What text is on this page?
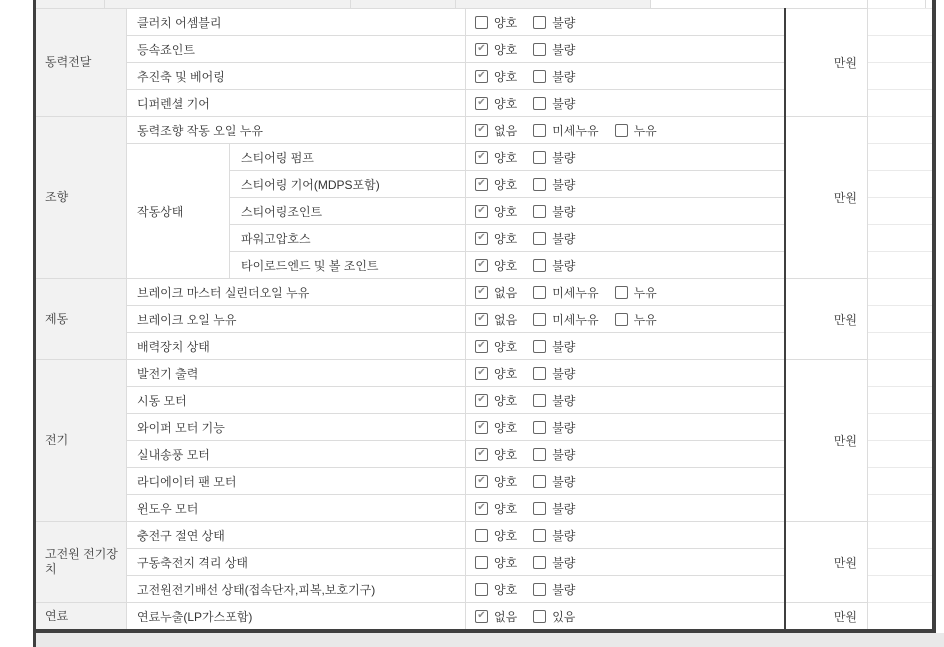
동력전달	만원
클러치 어셈블리	양호	불량
등속죠인트 ✔	양호	불량
추진축 및 베어링 ✔	양호	불량
디퍼렌셜 기어 ✔	양호	불량
조향	만원
작동상태
동력조향 작동 오일 누유 ✔	없음	미세누유	누유
스티어링 펌프 ✔	양호	불량
스티어링 기어(MDPS포함) ✔	양호	불량
스티어링조인트 ✔	양호	불량
파워고압호스 ✔	양호	불량
타이로드엔드 및 볼 조인트 ✔	양호	불량
제동	만원
브레이크 마스터 실린더오일 누유 ✔	없음	미세누유	누유
브레이크 오일 누유 ✔	없음	미세누유	누유
배력장치 상태 ✔	양호	불량
전기	만원
발전기 출력 ✔	양호	불량
시동 모터 ✔	양호	불량
와이퍼 모터 기능 ✔	양호	불량
실내송풍 모터 ✔	양호	불량
라디에이터 팬 모터 ✔	양호	불량
윈도우 모터 ✔	양호	불량
고전원 전기장치	만원
충전구 절연 상태	양호	불량
구동축전지 격리 상태	양호	불량
고전원전기배선 상태(접속단자,피복,보호기구)	양호	불량
연료	만원
연료누출(LP가스포함) ✔	없음	있음
